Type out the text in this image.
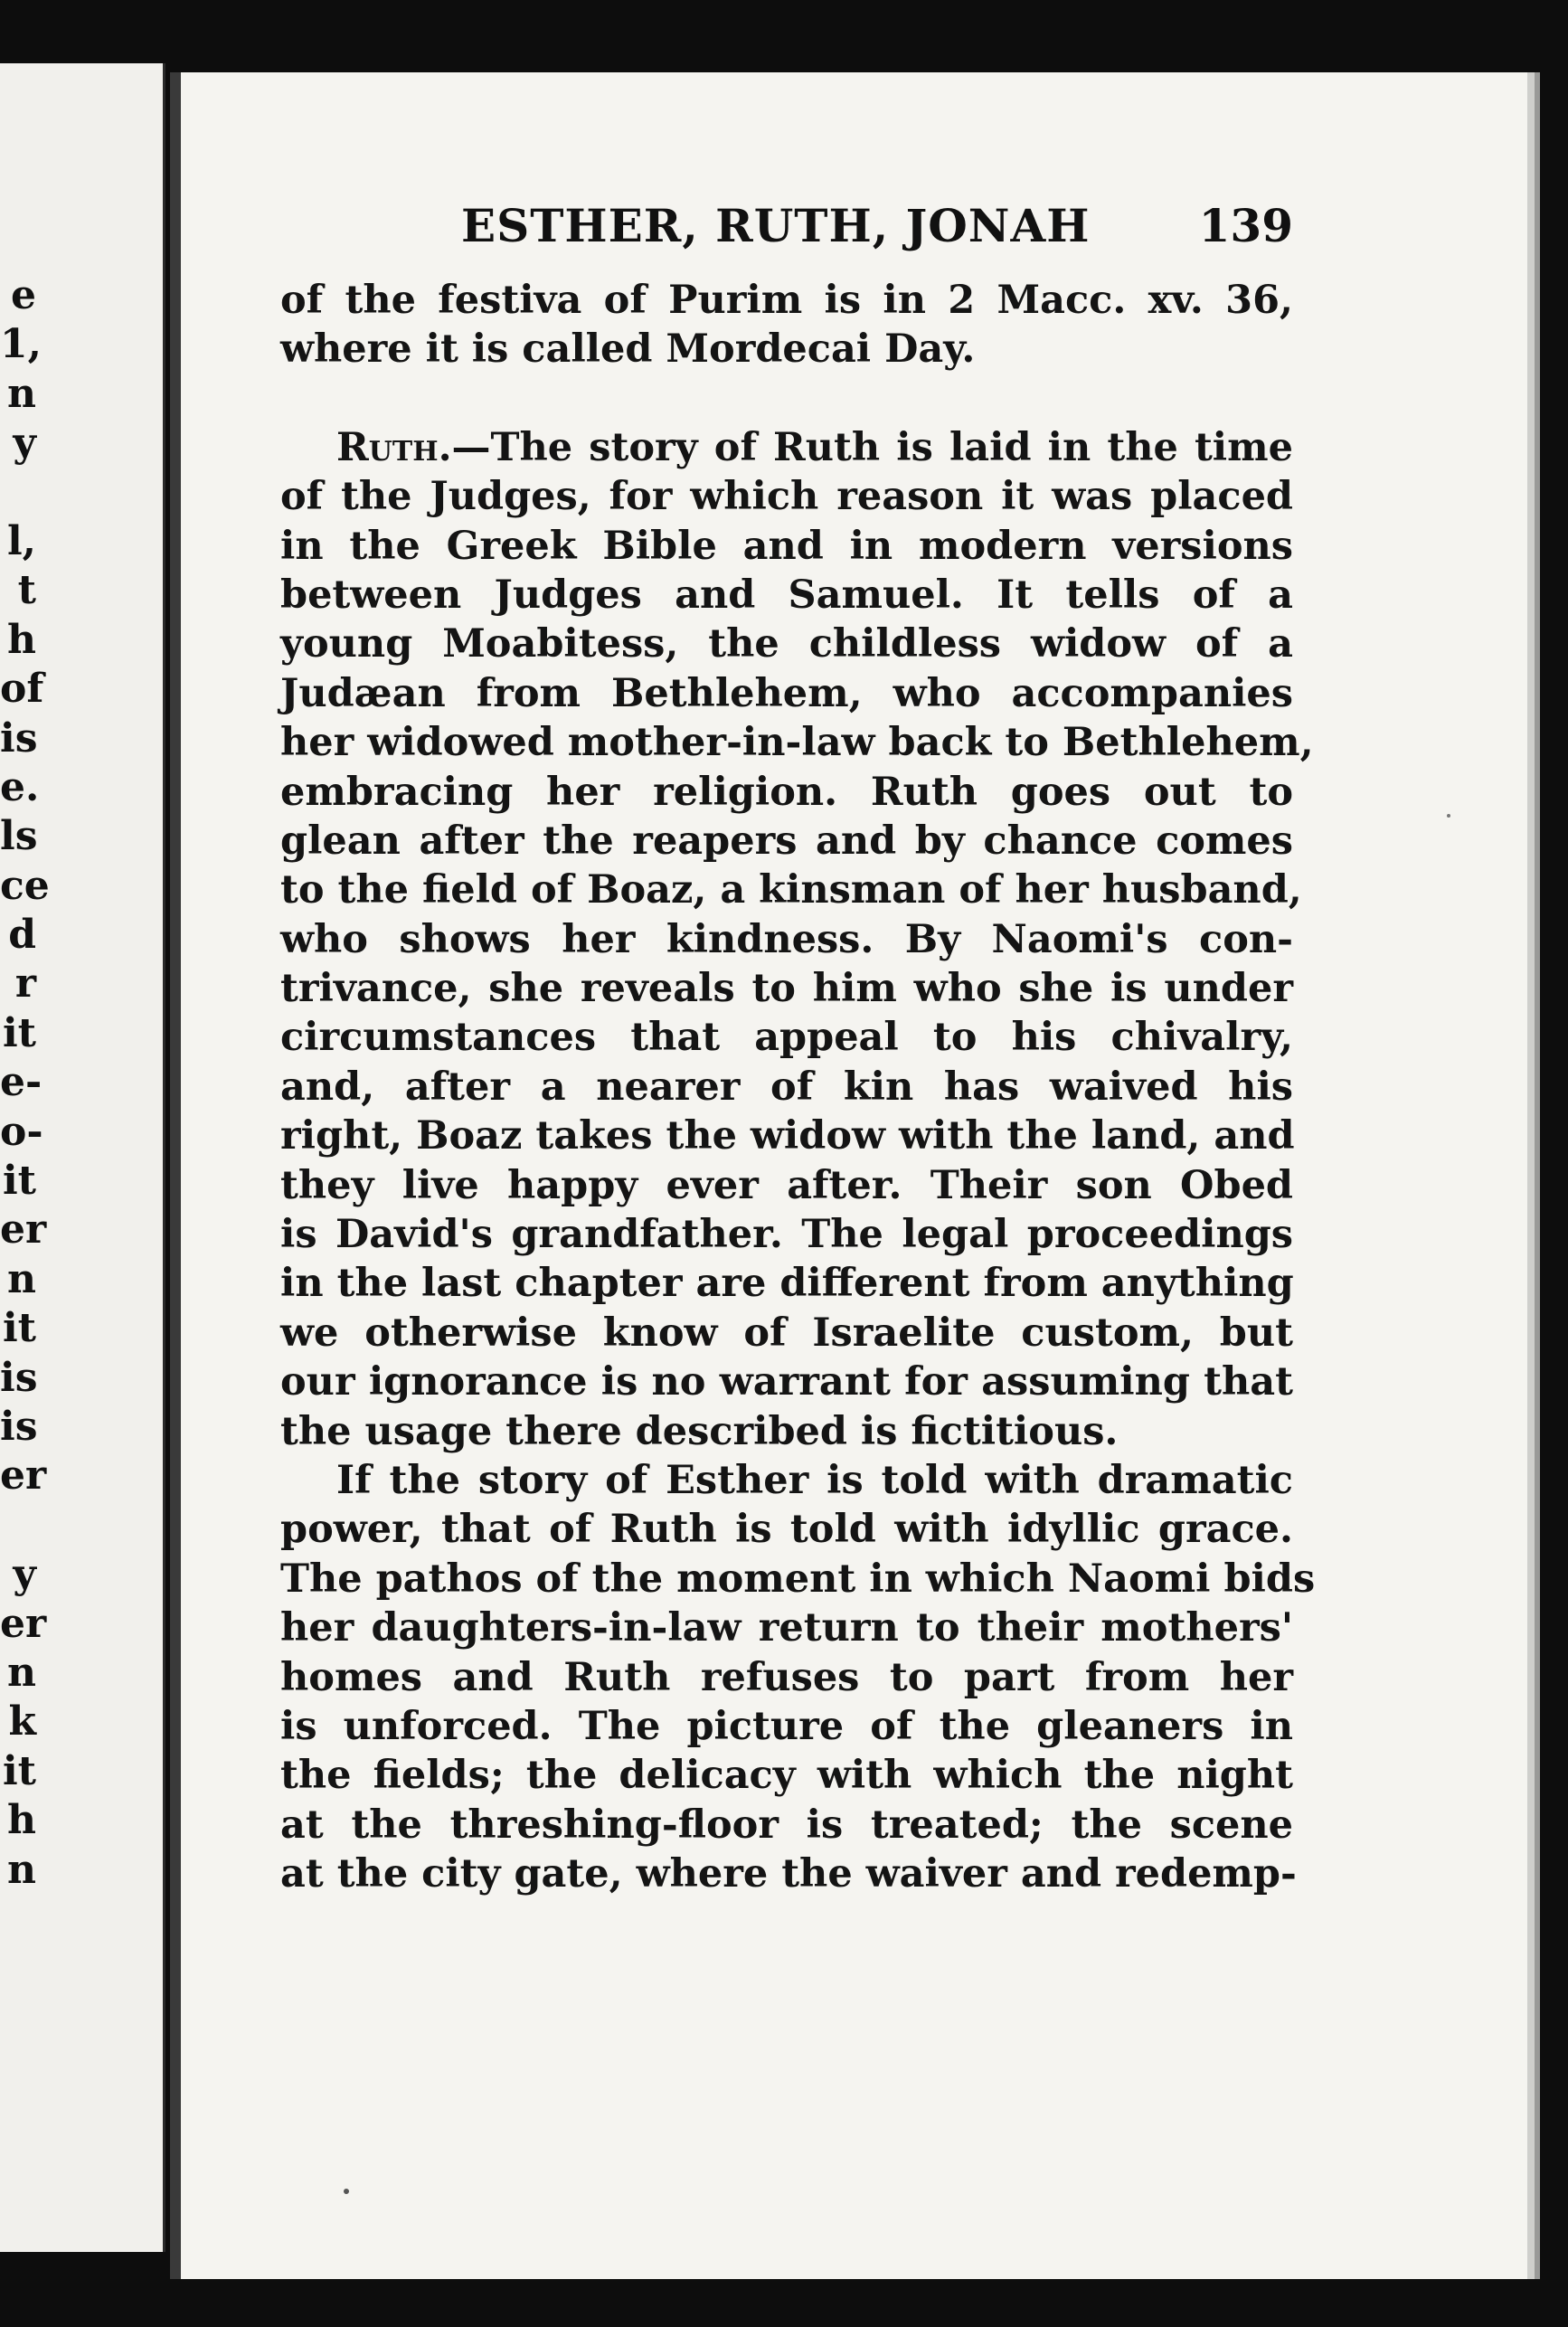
e
1,
n
y
l,
t
h
of
is
e.
ls
ce
d
r
it
e-
o-
it
er
n
it
is
is
er
y
er
n
k
it
h
n
ESTHER, RUTH, JONAH 139
of the festiva of Purim is in 2 Macc. xv. 36,
where it is called Mordecai Day.
Ruth.—The story of Ruth is laid in the time
of the Judges, for which reason it was placed
in the Greek Bible and in modern versions
between Judges and Samuel. It tells of a
young Moabitess, the childless widow of a
Judæan from Bethlehem, who accompanies
her widowed mother-in-law back to Bethlehem,
embracing her religion. Ruth goes out to
glean after the reapers and by chance comes
to the field of Boaz, a kinsman of her husband,
who shows her kindness. By Naomi's con-
trivance, she reveals to him who she is under
circumstances that appeal to his chivalry,
and, after a nearer of kin has waived his
right, Boaz takes the widow with the land, and
they live happy ever after. Their son Obed
is David's grandfather. The legal proceedings
in the last chapter are different from anything
we otherwise know of Israelite custom, but
our ignorance is no warrant for assuming that
the usage there described is fictitious.
If the story of Esther is told with dramatic
power, that of Ruth is told with idyllic grace.
The pathos of the moment in which Naomi bids
her daughters-in-law return to their mothers'
homes and Ruth refuses to part from her
is unforced. The picture of the gleaners in
the fields; the delicacy with which the night
at the threshing-floor is treated; the scene
at the city gate, where the waiver and redemp-
